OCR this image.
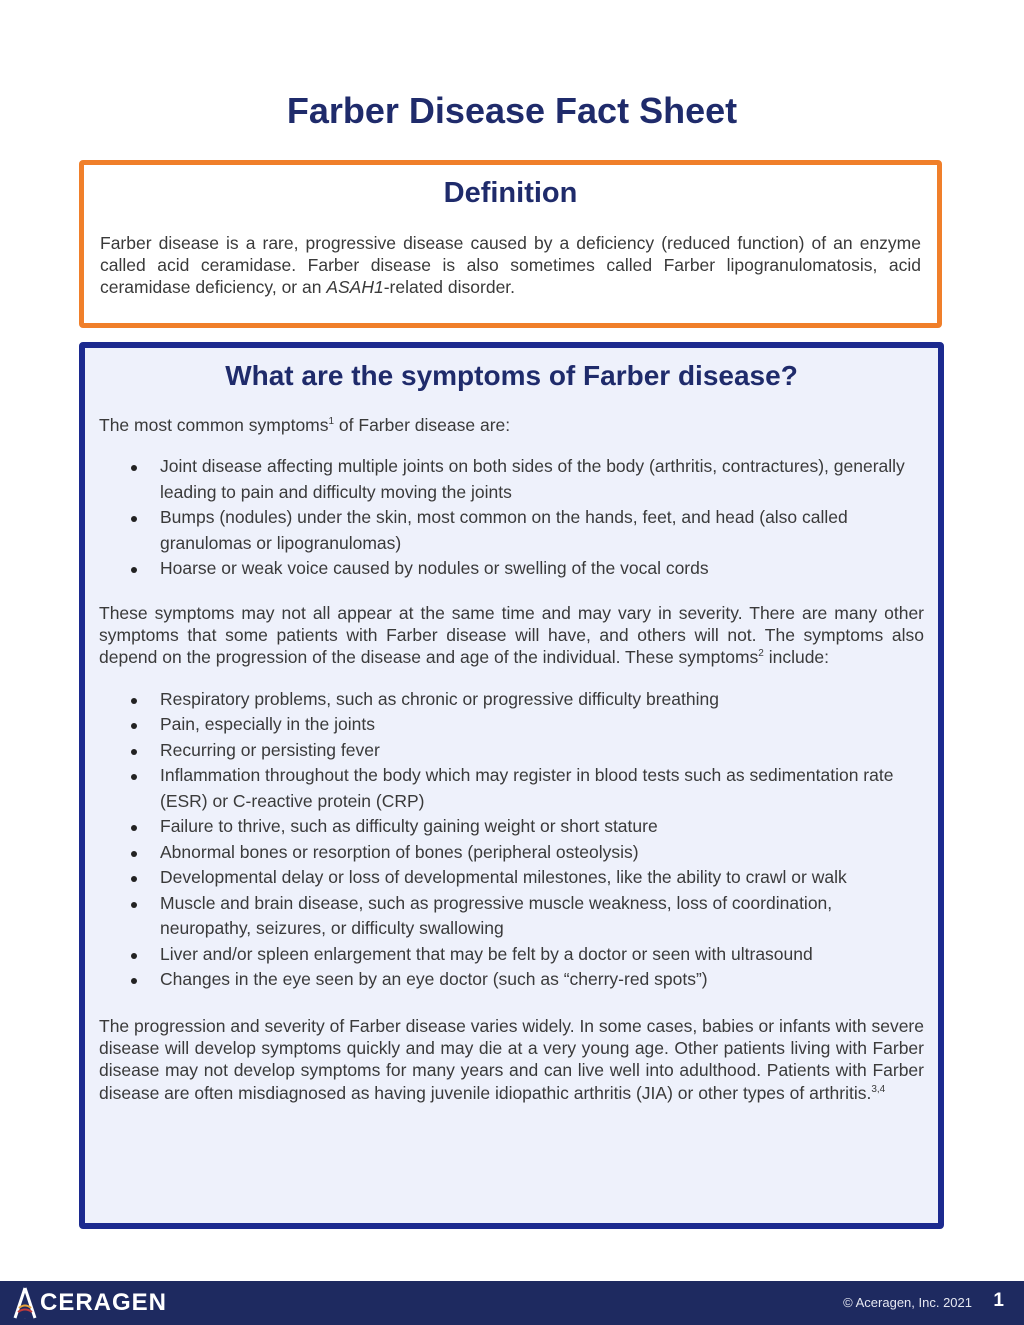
Farber Disease Fact Sheet
Definition

Farber disease is a rare, progressive disease caused by a deficiency (reduced function) of an enzyme called acid ceramidase. Farber disease is also sometimes called Farber lipogranulomatosis, acid ceramidase deficiency, or an ASAH1-related disorder.

What are the symptoms of Farber disease?

The most common symptoms$^1$ of Farber disease are:

Joint disease affecting multiple joints on both sides of the body (arthritis, contractures), generally leading to pain and difficulty moving the joints
Bumps (nodules) under the skin, most common on the hands, feet, and head (also called granulomas or lipogranulomas)
Hoarse or weak voice caused by nodules or swelling of the vocal cords

These symptoms may not all appear at the same time and may vary in severity. There are many other symptoms that some patients with Farber disease will have, and others will not. The symptoms also depend on the progression of the disease and age of the individual. These symptoms$^2$ include:

Respiratory problems, such as chronic or progressive difficulty breathing
Pain, especially in the joints
Recurring or persisting fever
Inflammation throughout the body which may register in blood tests such as sedimentation rate (ESR) or C-reactive protein (CRP)
Failure to thrive, such as difficulty gaining weight or short stature
Abnormal bones or resorption of bones (peripheral osteolysis)
Developmental delay or loss of developmental milestones, like the ability to crawl or walk
Muscle and brain disease, such as progressive muscle weakness, loss of coordination, neuropathy, seizures, or difficulty swallowing
Liver and/or spleen enlargement that may be felt by a doctor or seen with ultrasound
Changes in the eye seen by an eye doctor (such as “cherry-red spots”)

The progression and severity of Farber disease varies widely. In some cases, babies or infants with severe disease will develop symptoms quickly and may die at a very young age. Other patients living with Farber disease may not develop symptoms for many years and can live well into adulthood. Patients with Farber disease are often misdiagnosed as having juvenile idiopathic arthritis (JIA) or other types of arthritis.$^{3,4}$

A
CERAGEN	© Aceragen, Inc. 2021 1
